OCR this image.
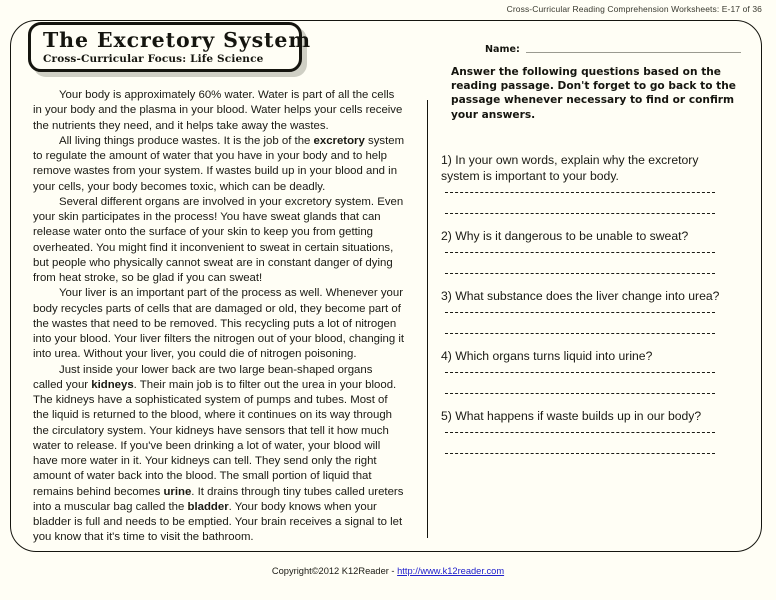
Cross-Curricular Reading Comprehension Worksheets: E-17 of 36
The Excretory System
Cross-Curricular Focus: Life Science

Your body is approximately 60% water. Water is part of all the cells in your body and the plasma in your blood. Water helps your cells receive the nutrients they need, and it helps take away the wastes.

All living things produce wastes. It is the job of the excretory system to regulate the amount of water that you have in your body and to help remove wastes from your system. If wastes build up in your blood and in your cells, your body becomes toxic, which can be deadly.

Several different organs are involved in your excretory system. Even your skin participates in the process! You have sweat glands that can release water onto the surface of your skin to keep you from getting overheated. You might find it inconvenient to sweat in certain situations, but people who physically cannot sweat are in constant danger of dying from heat stroke, so be glad if you can sweat!

Your liver is an important part of the process as well. Whenever your body recycles parts of cells that are damaged or old, they become part of the wastes that need to be removed. This recycling puts a lot of nitrogen into your blood. Your liver filters the nitrogen out of your blood, changing it into urea. Without your liver, you could die of nitrogen poisoning.

Just inside your lower back are two large bean-shaped organs called your kidneys. Their main job is to filter out the urea in your blood. The kidneys have a sophisticated system of pumps and tubes. Most of the liquid is returned to the blood, where it continues on its way through the circulatory system. Your kidneys have sensors that tell it how much water to release. If you've been drinking a lot of water, your blood will have more water in it. Your kidneys can tell. They send only the right amount of water back into the blood. The small portion of liquid that remains behind becomes urine. It drains through tiny tubes called ureters into a muscular bag called the bladder. Your body knows when your bladder is full and needs to be emptied. Your brain receives a signal to let you know that it's time to visit the bathroom.

Name:
Answer the following questions based on the reading passage. Don't forget to go back to the passage whenever necessary to find or confirm your answers.
1) In your own words, explain why the excretory system is important to your body.
2) Why is it dangerous to be unable to sweat?
3) What substance does the liver change into urea?
4) Which organs turns liquid into urine?
5) What happens if waste builds up in our body?
Copyright©2012 K12Reader - http://www.k12reader.com
